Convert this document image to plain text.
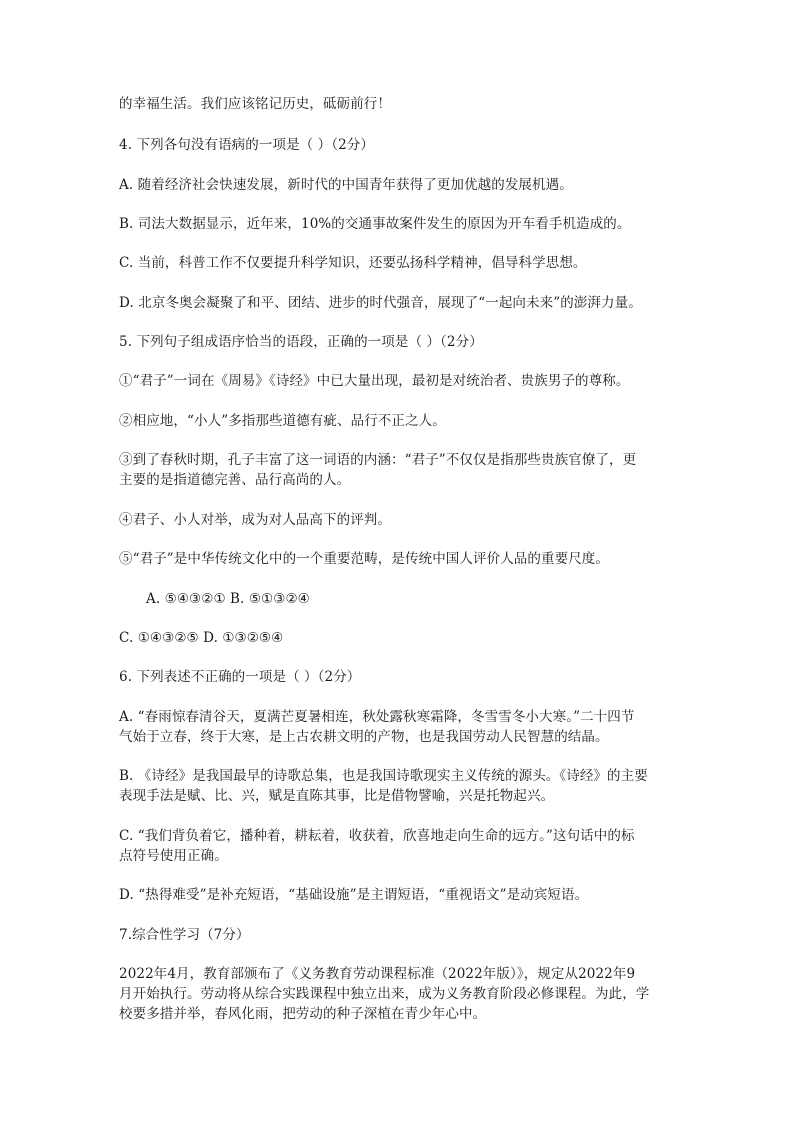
的幸福生活。我们应该铭记历史，砥砺前行！

4. 下列各句没有语病的一项是（ ）（2分）

A. 随着经济社会快速发展，新时代的中国青年获得了更加优越的发展机遇。

B. 司法大数据显示，近年来，10%的交通事故案件发生的原因为开车看手机造成的。

C. 当前，科普工作不仅要提升科学知识，还要弘扬科学精神，倡导科学思想。

D. 北京冬奥会凝聚了和平、团结、进步的时代强音，展现了“一起向未来”的澎湃力量。

5. 下列句子组成语序恰当的语段，正确的一项是（ ）（2分）

①“君子”一词在《周易》《诗经》中已大量出现，最初是对统治者、贵族男子的尊称。

②相应地，“小人”多指那些道德有疵、品行不正之人。

③到了春秋时期，孔子丰富了这一词语的内涵：“君子”不仅仅是指那些贵族官僚了，更

主要的是指道德完善、品行高尚的人。

④君子、小人对举，成为对人品高下的评判。

⑤“君子”是中华传统文化中的一个重要范畴，是传统中国人评价人品的重要尺度。

A. ⑤④③②① B. ⑤①③②④

C. ①④③②⑤ D. ①③②⑤④

6. 下列表述不正确的一项是（ ）（2分）

A. “春雨惊春清谷天，夏满芒夏暑相连，秋处露秋寒霜降，冬雪雪冬小大寒。”二十四节

气始于立春，终于大寒，是上古农耕文明的产物，也是我国劳动人民智慧的结晶。

B. 《诗经》是我国最早的诗歌总集，也是我国诗歌现实主义传统的源头。《诗经》的主要

表现手法是赋、比、兴，赋是直陈其事，比是借物譬喻，兴是托物起兴。

C. “我们背负着它，播种着，耕耘着，收获着，欣喜地走向生命的远方。”这句话中的标

点符号使用正确。

D. “热得难受”是补充短语，“基础设施”是主谓短语，“重视语文”是动宾短语。

7.综合性学习（7分）

2022年4月，教育部颁布了《义务教育劳动课程标准（2022年版）》，规定从2022年9

月开始执行。劳动将从综合实践课程中独立出来，成为义务教育阶段必修课程。为此，学

校要多措并举，春风化雨，把劳动的种子深植在青少年心中。
